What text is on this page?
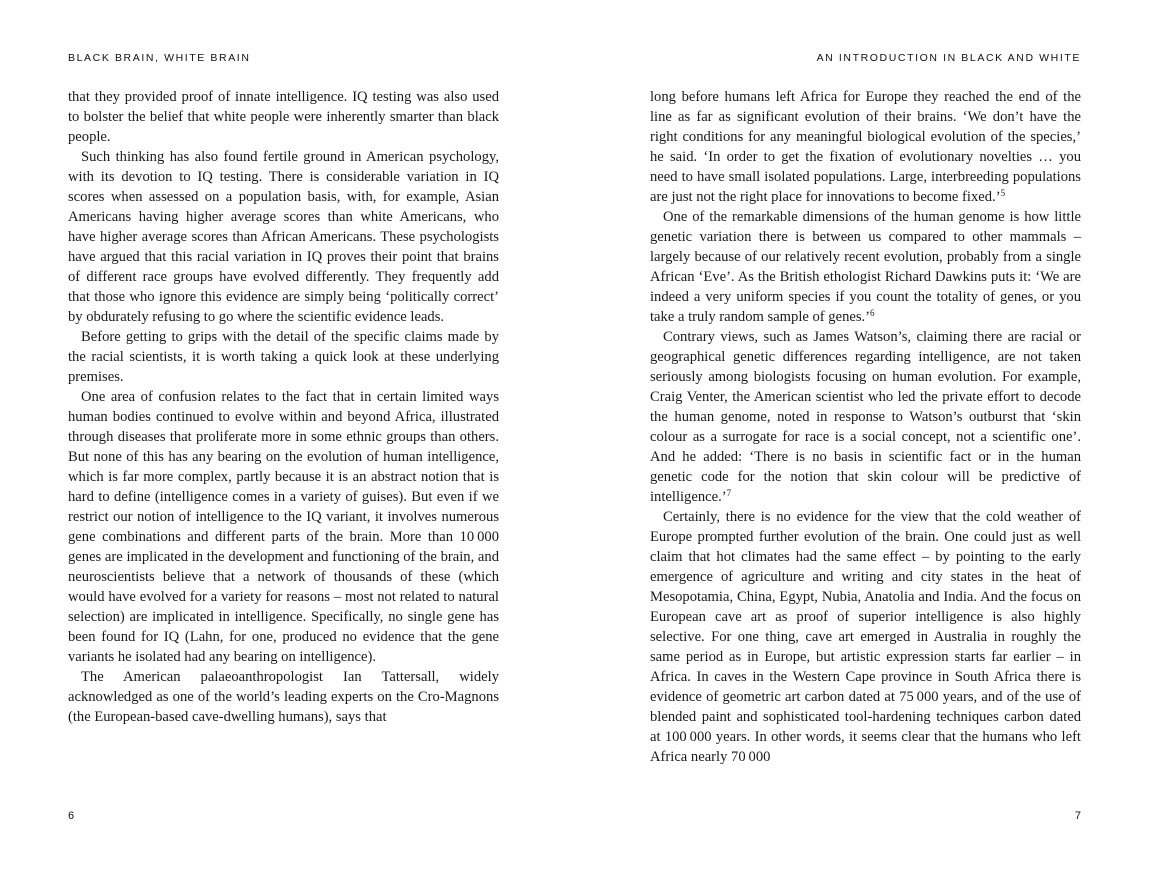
BLACK BRAIN, WHITE BRAIN

that they provided proof of innate intelligence. IQ testing was also used to bolster the belief that white people were inherently smarter than black people.

Such thinking has also found fertile ground in American psychology, with its devotion to IQ testing. There is considerable variation in IQ scores when assessed on a population basis, with, for example, Asian Americans having higher average scores than white Americans, who have higher average scores than African Americans. These psychologists have argued that this racial variation in IQ proves their point that brains of different race groups have evolved differently. They frequently add that those who ignore this evidence are simply being ‘politically correct’ by obdurately refusing to go where the scientific evidence leads.

Before getting to grips with the detail of the specific claims made by the racial scientists, it is worth taking a quick look at these underlying premises.

One area of confusion relates to the fact that in certain limited ways human bodies continued to evolve within and beyond Africa, illustrated through diseases that proliferate more in some ethnic groups than others. But none of this has any bearing on the evolution of human intelligence, which is far more complex, partly because it is an abstract notion that is hard to define (intelligence comes in a variety of guises). But even if we restrict our notion of intelligence to the IQ variant, it involves numerous gene combinations and different parts of the brain. More than 10 000 genes are implicated in the development and functioning of the brain, and neuroscientists believe that a network of thousands of these (which would have evolved for a variety for reasons – most not related to natural selection) are implicated in intelligence. Specifically, no single gene has been found for IQ (Lahn, for one, produced no evidence that the gene variants he isolated had any bearing on intelligence).

The American palaeoanthropologist Ian Tattersall, widely acknowledged as one of the world’s leading experts on the Cro-Magnons (the European-based cave-dwelling humans), says that

6
AN INTRODUCTION IN BLACK AND WHITE

long before humans left Africa for Europe they reached the end of the line as far as significant evolution of their brains. ‘We don’t have the right conditions for any meaningful biological evolution of the species,’ he said. ‘In order to get the fixation of evolutionary novelties … you need to have small isolated populations. Large, interbreeding populations are just not the right place for innovations to become fixed.’$^5$

One of the remarkable dimensions of the human genome is how little genetic variation there is between us compared to other mammals – largely because of our relatively recent evolution, probably from a single African ‘Eve’. As the British ethologist Richard Dawkins puts it: ‘We are indeed a very uniform species if you count the totality of genes, or you take a truly random sample of genes.’$^6$

Contrary views, such as James Watson’s, claiming there are racial or geographical genetic differences regarding intelligence, are not taken seriously among biologists focusing on human evolution. For example, Craig Venter, the American scientist who led the private effort to decode the human genome, noted in response to Watson’s outburst that ‘skin colour as a surrogate for race is a social concept, not a scientific one’. And he added: ‘There is no basis in scientific fact or in the human genetic code for the notion that skin colour will be predictive of intelligence.’$^7$

Certainly, there is no evidence for the view that the cold weather of Europe prompted further evolution of the brain. One could just as well claim that hot climates had the same effect – by pointing to the early emergence of agriculture and writing and city states in the heat of Mesopotamia, China, Egypt, Nubia, Anatolia and India. And the focus on European cave art as proof of superior intelligence is also highly selective. For one thing, cave art emerged in Australia in roughly the same period as in Europe, but artistic expression starts far earlier – in Africa. In caves in the Western Cape province in South Africa there is evidence of geometric art carbon dated at 75 000 years, and of the use of blended paint and sophisticated tool-hardening techniques carbon dated at 100 000 years. In other words, it seems clear that the humans who left Africa nearly 70 000

7
